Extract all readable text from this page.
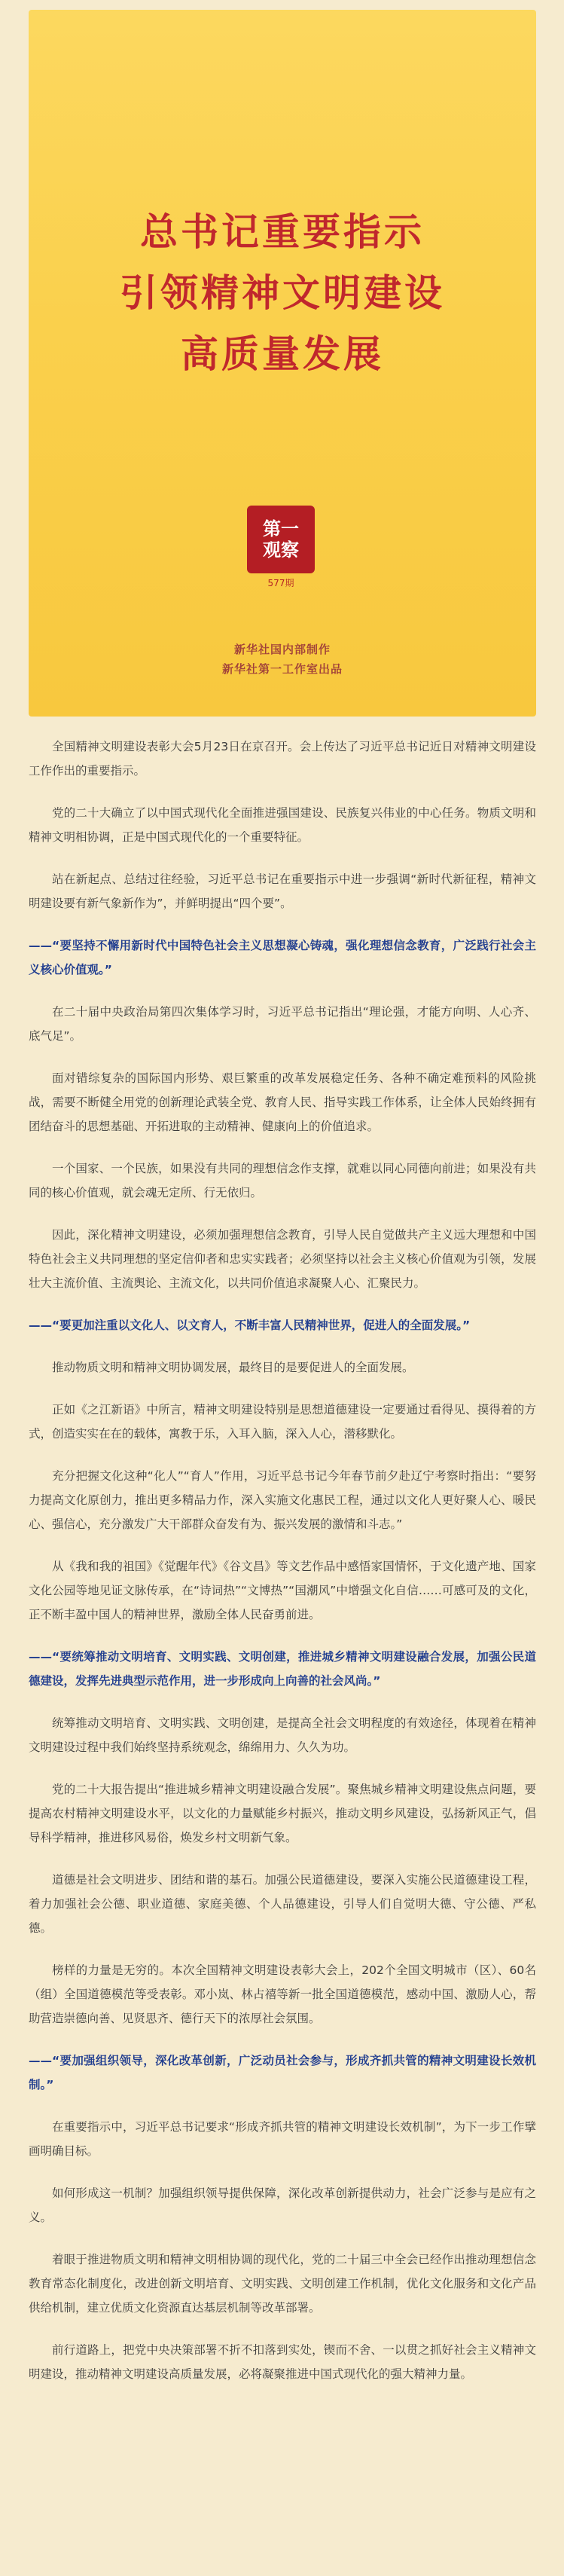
总书记重要指示
引领精神文明建设
高质量发展
第一观察
577期
新华社国内部制作
新华社第一工作室出品

全国精神文明建设表彰大会5月23日在京召开。会上传达了习近平总书记近日对精神文明建设工作作出的重要指示。

党的二十大确立了以中国式现代化全面推进强国建设、民族复兴伟业的中心任务。物质文明和精神文明相协调，正是中国式现代化的一个重要特征。

站在新起点、总结过往经验，习近平总书记在重要指示中进一步强调“新时代新征程，精神文明建设要有新气象新作为”，并鲜明提出“四个要”。

——“要坚持不懈用新时代中国特色社会主义思想凝心铸魂，强化理想信念教育，广泛践行社会主义核心价值观。”

在二十届中央政治局第四次集体学习时，习近平总书记指出“理论强，才能方向明、人心齐、底气足”。

面对错综复杂的国际国内形势、艰巨繁重的改革发展稳定任务、各种不确定难预料的风险挑战，需要不断健全用党的创新理论武装全党、教育人民、指导实践工作体系，让全体人民始终拥有团结奋斗的思想基础、开拓进取的主动精神、健康向上的价值追求。

一个国家、一个民族，如果没有共同的理想信念作支撑，就难以同心同德向前进；如果没有共同的核心价值观，就会魂无定所、行无依归。

因此，深化精神文明建设，必须加强理想信念教育，引导人民自觉做共产主义远大理想和中国特色社会主义共同理想的坚定信仰者和忠实实践者；必须坚持以社会主义核心价值观为引领，发展壮大主流价值、主流舆论、主流文化，以共同价值追求凝聚人心、汇聚民力。

——“要更加注重以文化人、以文育人，不断丰富人民精神世界，促进人的全面发展。”

推动物质文明和精神文明协调发展，最终目的是要促进人的全面发展。

正如《之江新语》中所言，精神文明建设特别是思想道德建设一定要通过看得见、摸得着的方式，创造实实在在的载体，寓教于乐，入耳入脑，深入人心，潜移默化。

充分把握文化这种“化人”“育人”作用，习近平总书记今年春节前夕赴辽宁考察时指出：“要努力提高文化原创力，推出更多精品力作，深入实施文化惠民工程，通过以文化人更好聚人心、暖民心、强信心，充分激发广大干部群众奋发有为、振兴发展的激情和斗志。”

从《我和我的祖国》《觉醒年代》《谷文昌》等文艺作品中感悟家国情怀，于文化遗产地、国家文化公园等地见证文脉传承，在“诗词热”“文博热”“国潮风”中增强文化自信……可感可及的文化，正不断丰盈中国人的精神世界，激励全体人民奋勇前进。

——“要统筹推动文明培育、文明实践、文明创建，推进城乡精神文明建设融合发展，加强公民道德建设，发挥先进典型示范作用，进一步形成向上向善的社会风尚。”

统筹推动文明培育、文明实践、文明创建，是提高全社会文明程度的有效途径，体现着在精神文明建设过程中我们始终坚持系统观念，绵绵用力、久久为功。

党的二十大报告提出“推进城乡精神文明建设融合发展”。聚焦城乡精神文明建设焦点问题，要提高农村精神文明建设水平，以文化的力量赋能乡村振兴，推动文明乡风建设，弘扬新风正气，倡导科学精神，推进移风易俗，焕发乡村文明新气象。

道德是社会文明进步、团结和谐的基石。加强公民道德建设，要深入实施公民道德建设工程，着力加强社会公德、职业道德、家庭美德、个人品德建设，引导人们自觉明大德、守公德、严私德。

榜样的力量是无穷的。本次全国精神文明建设表彰大会上，202个全国文明城市（区）、60名（组）全国道德模范等受表彰。邓小岚、林占禧等新一批全国道德模范，感动中国、激励人心，帮助营造崇德向善、见贤思齐、德行天下的浓厚社会氛围。

——“要加强组织领导，深化改革创新，广泛动员社会参与，形成齐抓共管的精神文明建设长效机制。”

在重要指示中，习近平总书记要求“形成齐抓共管的精神文明建设长效机制”，为下一步工作擘画明确目标。

如何形成这一机制？加强组织领导提供保障，深化改革创新提供动力，社会广泛参与是应有之义。

着眼于推进物质文明和精神文明相协调的现代化，党的二十届三中全会已经作出推动理想信念教育常态化制度化，改进创新文明培育、文明实践、文明创建工作机制，优化文化服务和文化产品供给机制，建立优质文化资源直达基层机制等改革部署。

前行道路上，把党中央决策部署不折不扣落到实处，锲而不舍、一以贯之抓好社会主义精神文明建设，推动精神文明建设高质量发展，必将凝聚推进中国式现代化的强大精神力量。
